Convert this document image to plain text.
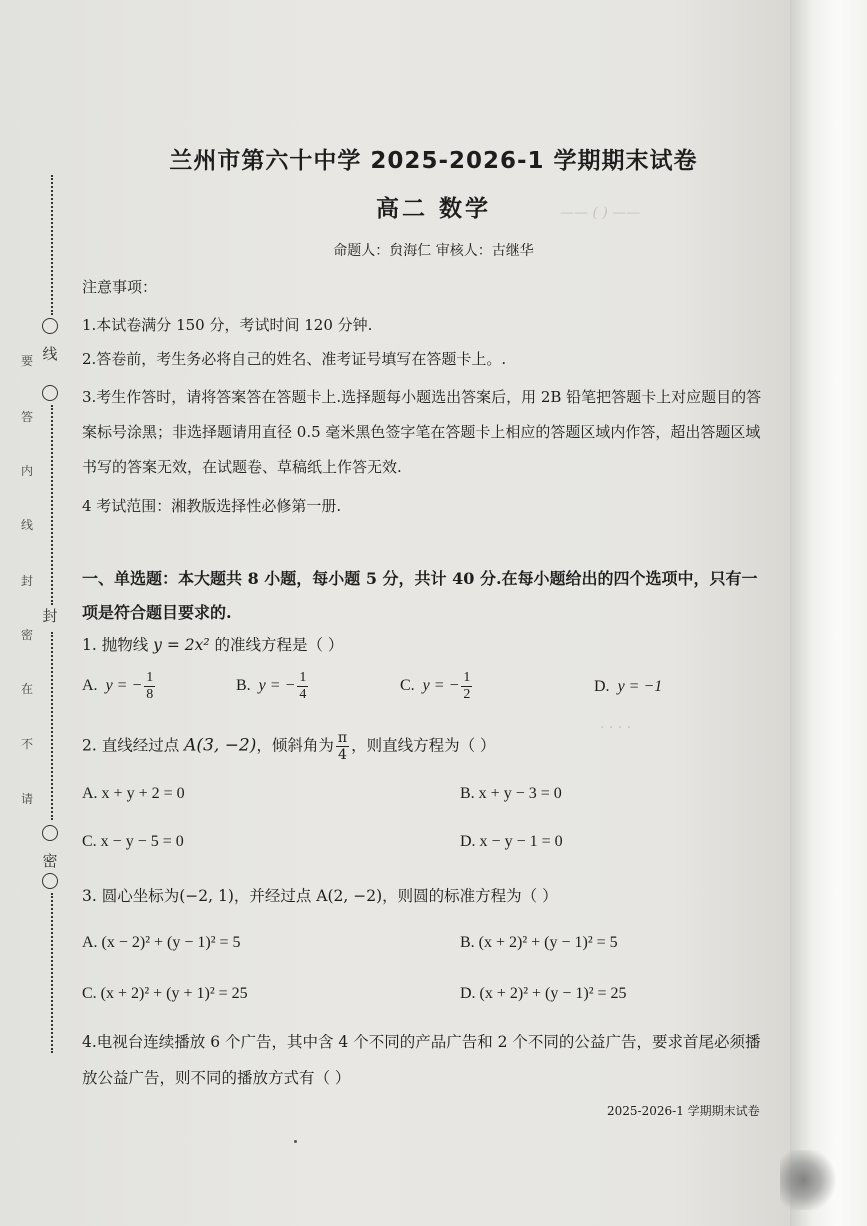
线
封
密
要
答
内
线
封
密
在
不
请
兰州市第六十中学 2025-2026-1 学期期末试卷
高二 数学
命题人：贠海仁 审核人：古继华
注意事项：
1.本试卷满分 150 分，考试时间 120 分钟.
2.答卷前，考生务必将自己的姓名、准考证号填写在答题卡上。.
3.考生作答时，请将答案答在答题卡上.选择题每小题选出答案后，用 2B 铅笔把答题卡上对应题目的答案标号涂黑；非选择题请用直径 0.5 毫米黑色签字笔在答题卡上相应的答题区域内作答，超出答题区域书写的答案无效，在试题卷、草稿纸上作答无效.
4 考试范围：湘教版选择性必修第一册.
一、单选题：本大题共 8 小题，每小题 5 分，共计 40 分.在每小题给出的四个选项中，只有一项是符合题目要求的.
1. 抛物线 y = 2x² 的准线方程是（ ）
A. y = − $\frac{1}{8}$	B. y = − $\frac{1}{4}$	C. y = − $\frac{1}{2}$	D. y = −1
2. 直线经过点 A(3, −2)，倾斜角为 $\frac{\pi}{4}$ ，则直线方程为（ ）
A. x + y + 2 = 0	B. x + y − 3 = 0
C. x − y − 5 = 0	D. x − y − 1 = 0
3. 圆心坐标为(−2, 1)，并经过点 A(2, −2)，则圆的标准方程为（ ）
A. (x − 2)² + (y − 1)² = 5	B. (x + 2)² + (y − 1)² = 5
C. (x + 2)² + (y + 1)² = 25	D. (x + 2)² + (y − 1)² = 25
4.电视台连续播放 6 个广告，其中含 4 个不同的产品广告和 2 个不同的公益广告，要求首尾必须播
放公益广告，则不同的播放方式有（ ）
2025-2026-1 学期期末试卷
—— ( ) ——
· · · ·
